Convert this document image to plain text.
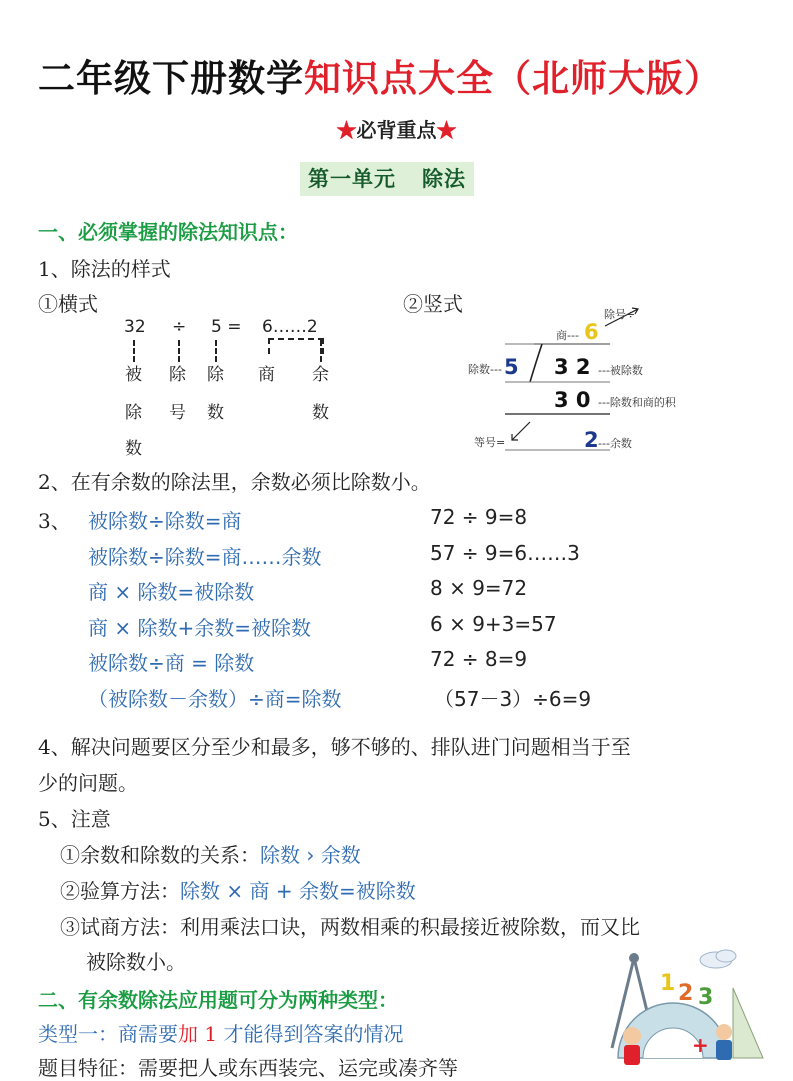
二年级下册数学知识点大全（北师大版）
★必背重点★
第一单元 除法
一、必须掌握的除法知识点：
1、除法的样式
①横式	②竖式
32 ÷ 5 = 6……2
被
除
数
除
号
除
数
商 余
数
除号÷
商--- 6
除数--- 5 3 2 ---被除数
3 0 ---除数和商的积
等号=	2 ---余数
2、在有余数的除法里，余数必须比除数小。
3、 被除数÷除数=商	72 ÷ 9=8
被除数÷除数=商……余数	57 ÷ 9=6……3
商 × 除数=被除数	8 × 9=72
商 × 除数+余数=被除数	6 × 9+3=57
被除数÷商 = 除数	72 ÷ 8=9
（被除数－余数）÷商=除数	（57－3）÷6=9
4、解决问题要区分至少和最多，够不够的、排队进门问题相当于至
少的问题。
5、注意
①余数和除数的关系：除数 › 余数
②验算方法：除数 × 商 + 余数=被除数
③试商方法：利用乘法口诀，两数相乘的积最接近被除数，而又比
被除数小。
二、有余数除法应用题可分为两种类型：
类型一：商需要加 1 才能得到答案的情况
题目特征：需要把人或东西装完、运完或凑齐等
1 2 3
+
